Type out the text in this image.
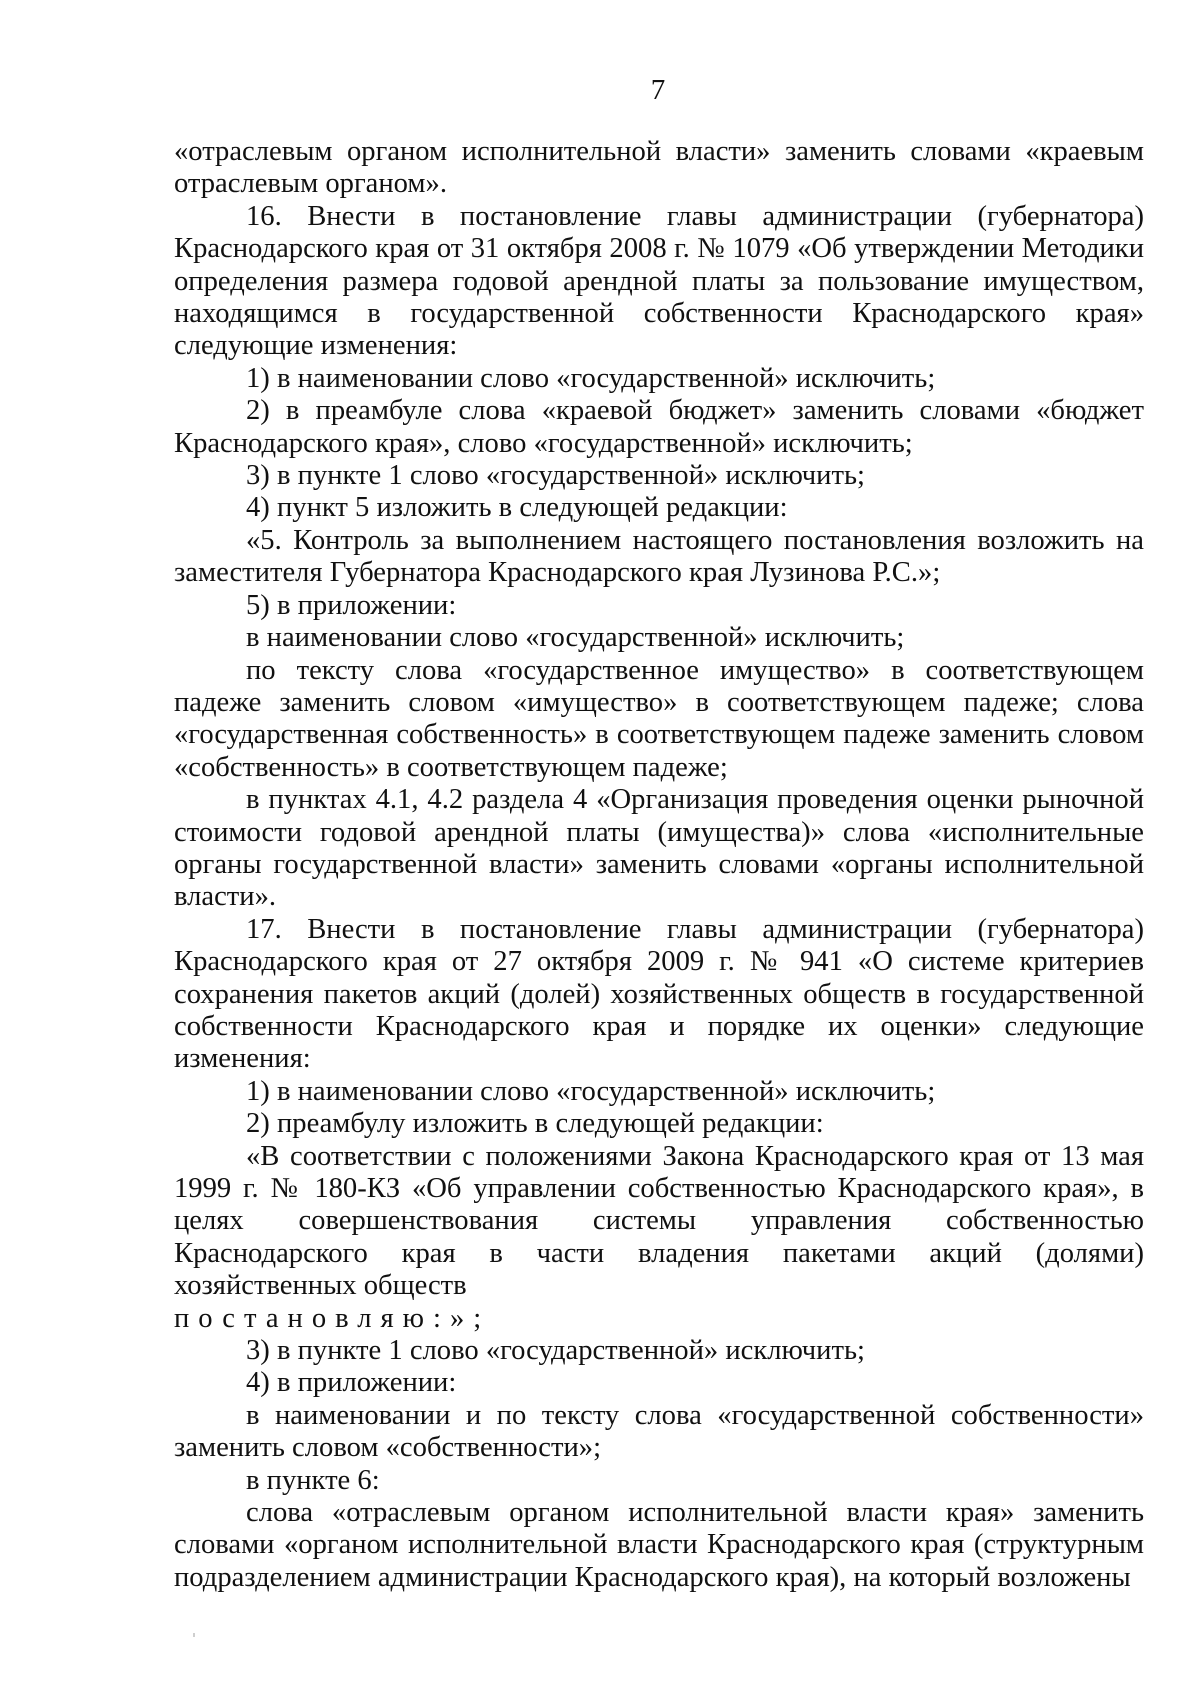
7

«отраслевым органом исполнительной власти» заменить словами «краевым отраслевым органом».

16. Внести в постановление главы администрации (губернатора) Краснодарского края от 31 октября 2008 г. № 1079 «Об утверждении Методики определения размера годовой арендной платы за пользование имуществом, находящимся в государственной собственности Краснодарского края» следующие изменения:

1) в наименовании слово «государственной» исключить;

2) в преамбуле слова «краевой бюджет» заменить словами «бюджет Краснодарского края», слово «государственной» исключить;

3) в пункте 1 слово «государственной» исключить;

4) пункт 5 изложить в следующей редакции:

«5. Контроль за выполнением настоящего постановления возложить на заместителя Губернатора Краснодарского края Лузинова Р.С.»;

5) в приложении:

в наименовании слово «государственной» исключить;

по тексту слова «государственное имущество» в соответствующем падеже заменить словом «имущество» в соответствующем падеже; слова «государственная собственность» в соответствующем падеже заменить словом «собственность» в соответствующем падеже;

в пунктах 4.1, 4.2 раздела 4 «Организация проведения оценки рыночной стоимости годовой арендной платы (имущества)» слова «исполнительные органы государственной власти» заменить словами «органы исполнительной власти».

17. Внести в постановление главы администрации (губернатора) Краснодарского края от 27 октября 2009 г. № 941 «О системе критериев сохранения пакетов акций (долей) хозяйственных обществ в государственной собственности Краснодарского края и порядке их оценки» следующие изменения:

1) в наименовании слово «государственной» исключить;

2) преамбулу изложить в следующей редакции:

«В соответствии с положениями Закона Краснодарского края от 13 мая 1999 г. № 180-КЗ «Об управлении собственностью Краснодарского края», в целях совершенствования системы управления собственностью Краснодарского края в части владения пакетами акций (долями) хозяйственных обществ

постановляю:»;

3) в пункте 1 слово «государственной» исключить;

4) в приложении:

в наименовании и по тексту слова «государственной собственности» заменить словом «собственности»;

в пункте 6:

слова «отраслевым органом исполнительной власти края» заменить словами «органом исполнительной власти Краснодарского края (структурным подразделением администрации Краснодарского края), на который возложены
